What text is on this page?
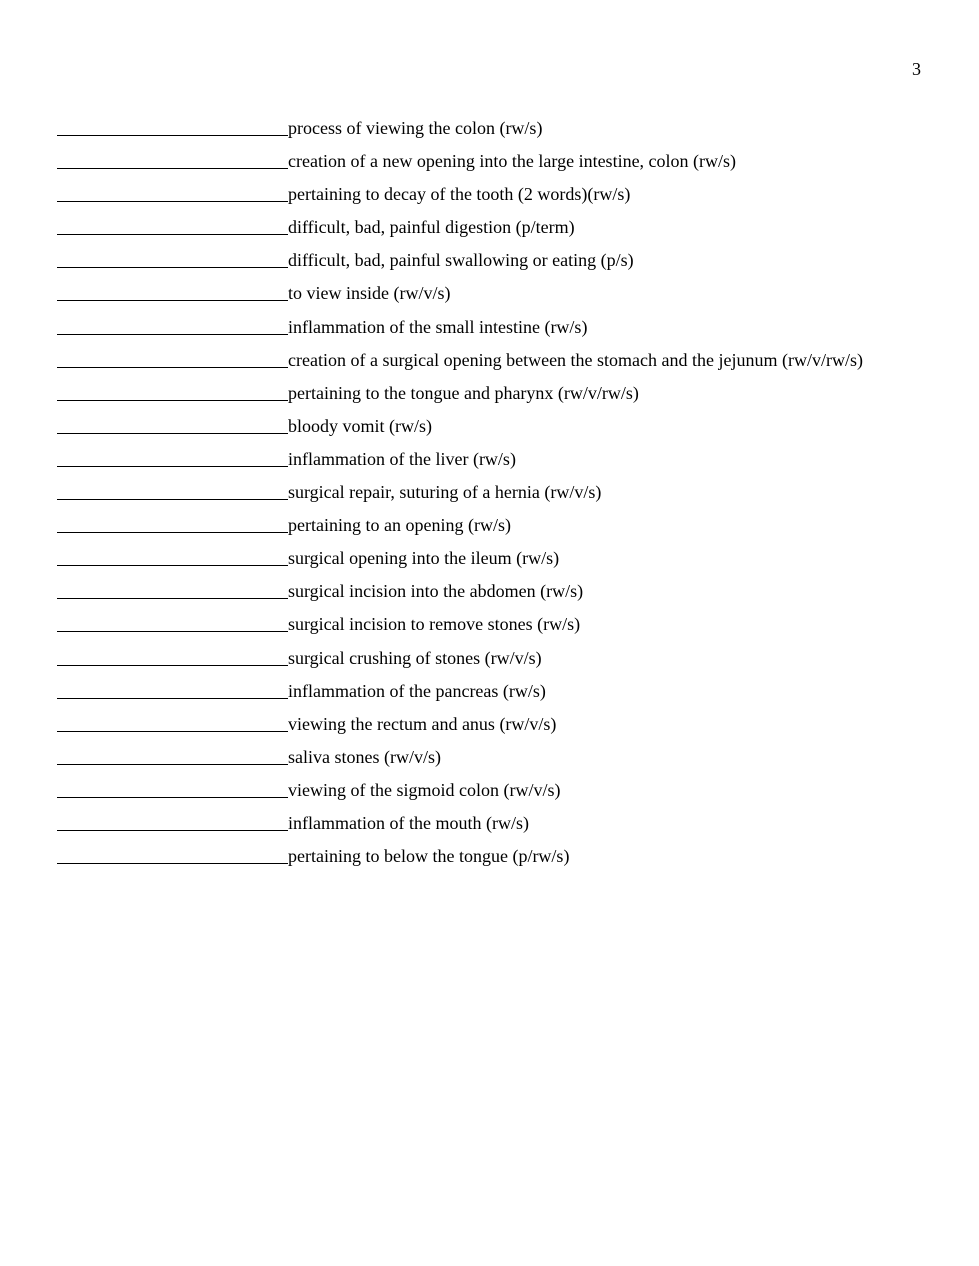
3
process of viewing the colon (rw/s)
creation of a new opening into the large intestine, colon (rw/s)
pertaining to decay of the tooth (2 words)(rw/s)
difficult, bad, painful digestion (p/term)
difficult, bad, painful swallowing or eating (p/s)
to view inside (rw/v/s)
inflammation of the small intestine (rw/s)
creation of a surgical opening between the stomach and the jejunum (rw/v/rw/s)
pertaining to the tongue and pharynx (rw/v/rw/s)
bloody vomit (rw/s)
inflammation of the liver (rw/s)
surgical repair, suturing of a hernia (rw/v/s)
pertaining to an opening (rw/s)
surgical opening into the ileum (rw/s)
surgical incision into the abdomen (rw/s)
surgical incision to remove stones (rw/s)
surgical crushing of stones (rw/v/s)
inflammation of the pancreas (rw/s)
viewing the rectum and anus (rw/v/s)
saliva stones (rw/v/s)
viewing of the sigmoid colon (rw/v/s)
inflammation of the mouth (rw/s)
pertaining to below the tongue (p/rw/s)
